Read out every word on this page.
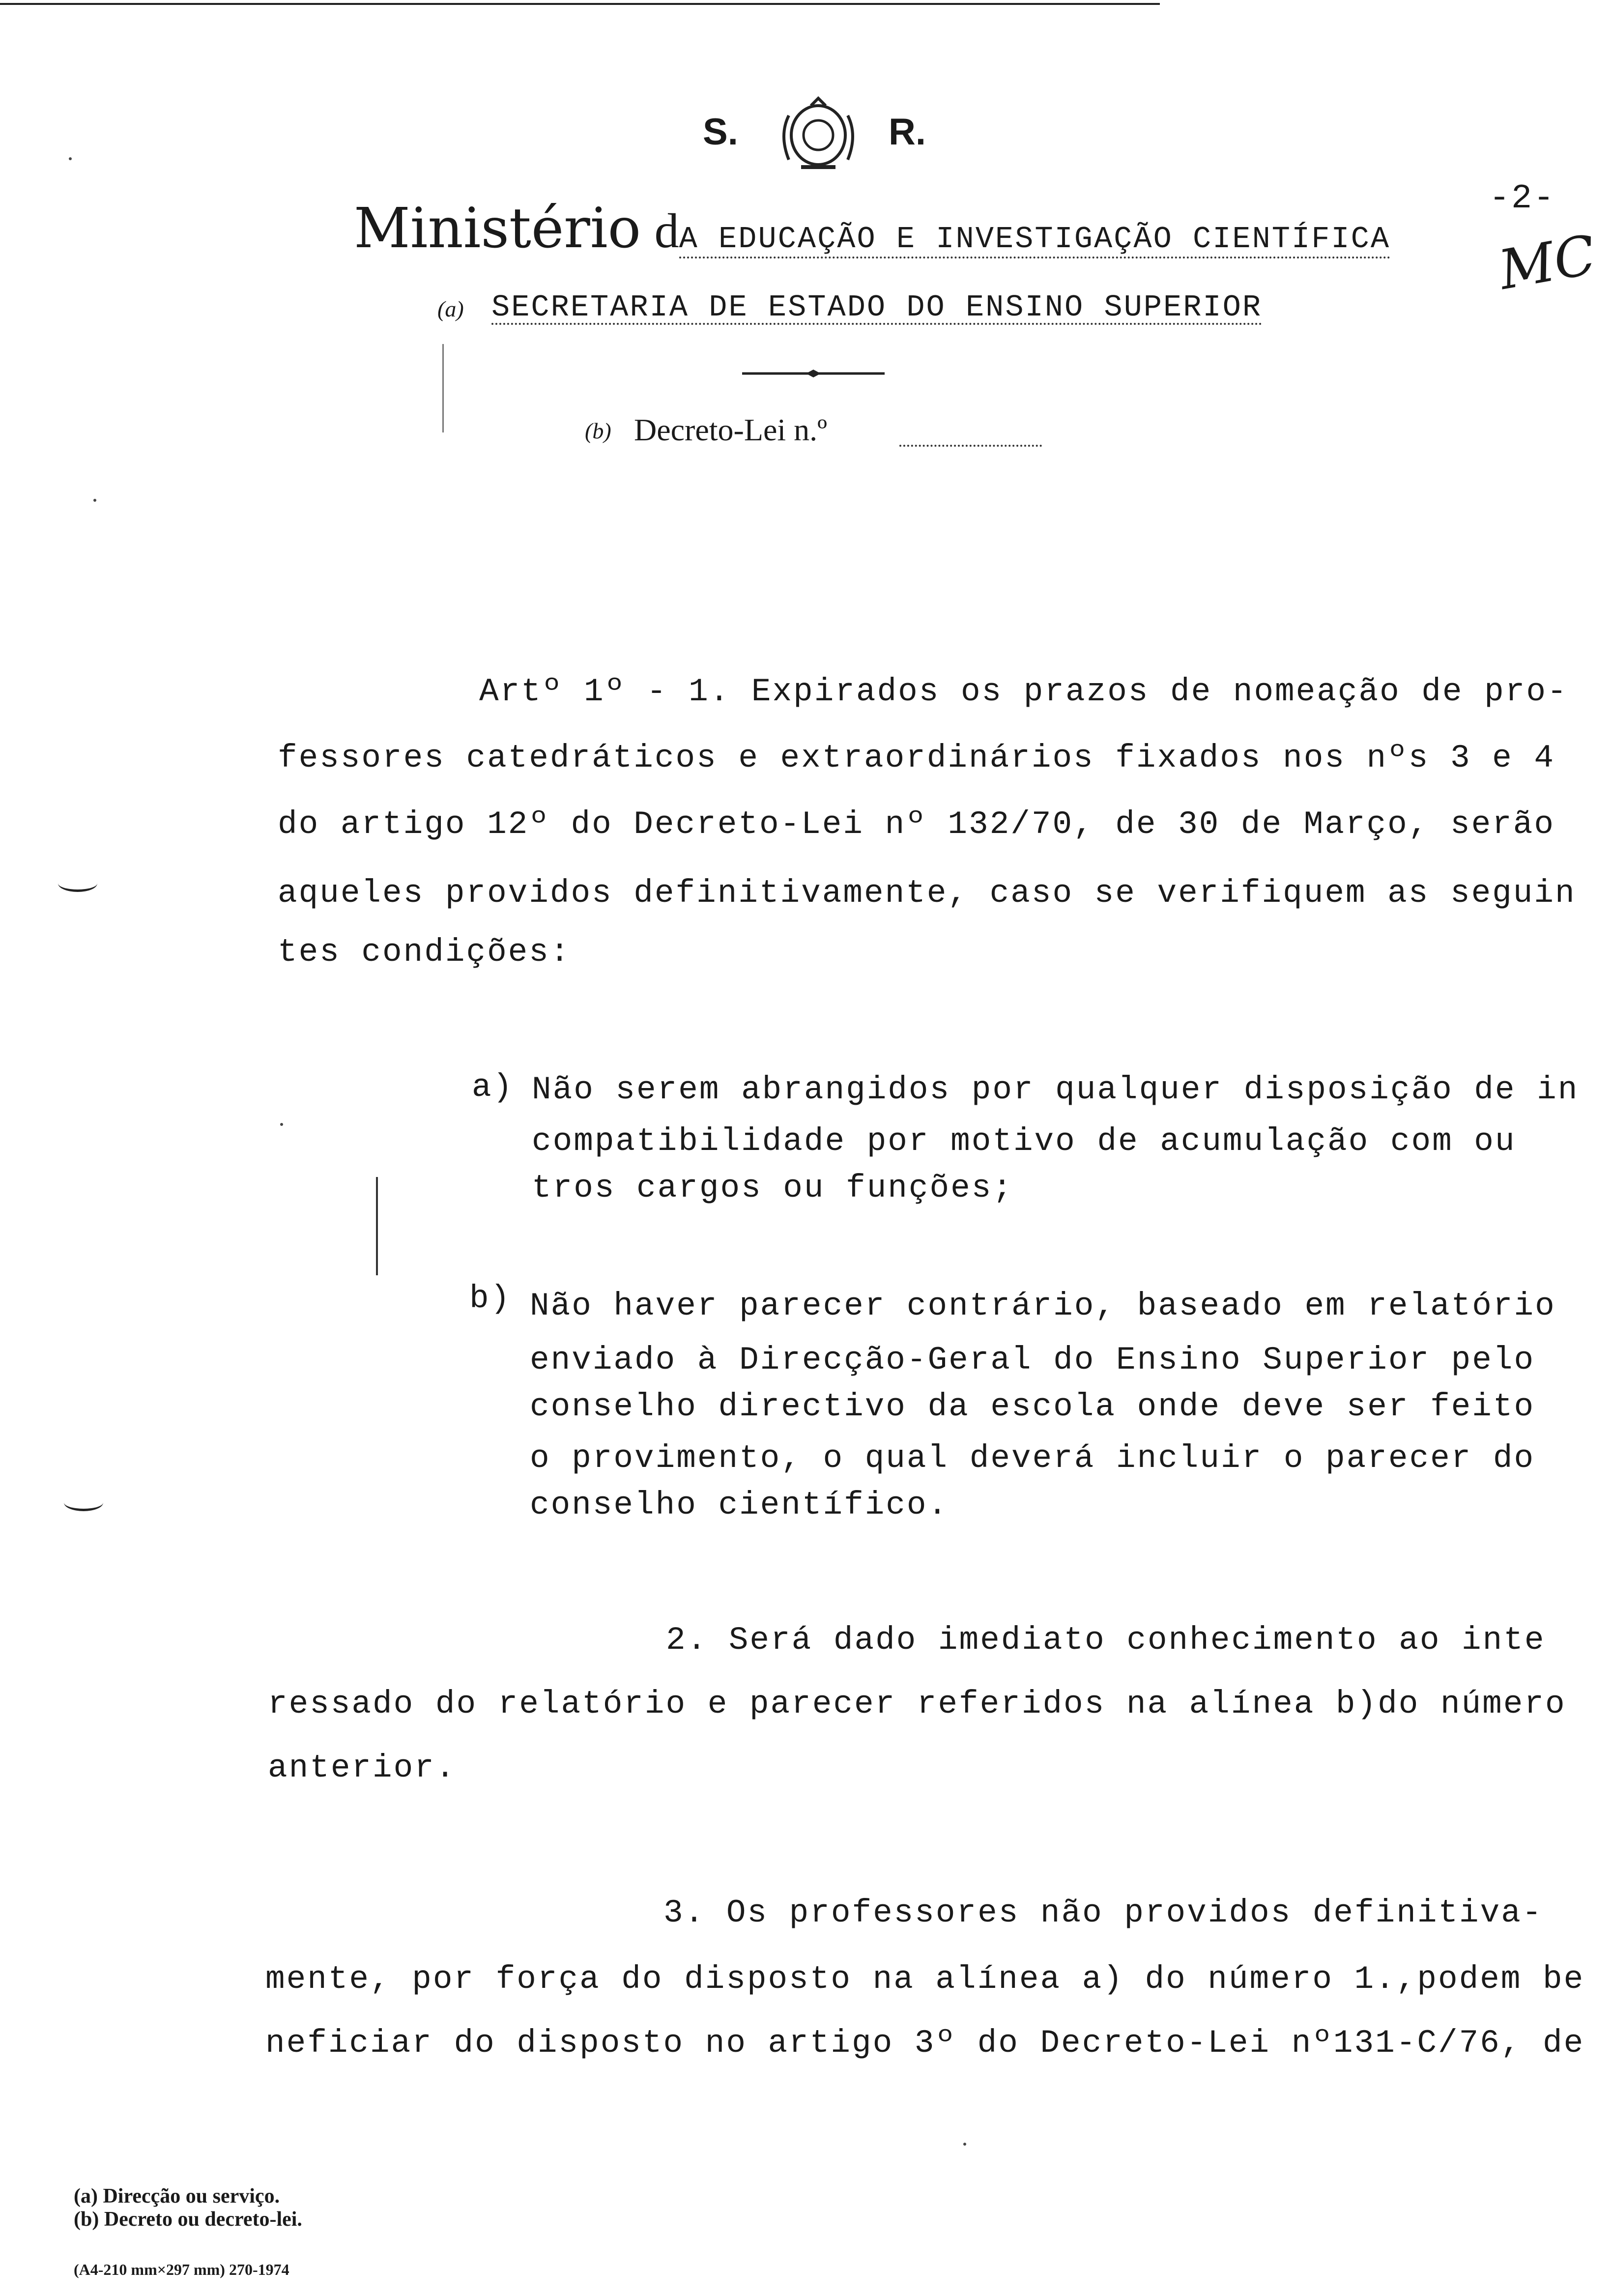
S.	R.
Ministério dA EDUCAÇÃO E INVESTIGAÇÃO CIENTÍFICA
-2-
MC
(a) SECRETARIA DE ESTADO DO ENSINO SUPERIOR
(b) Decreto-Lei n.º
Artº 1º - 1. Expirados os prazos de nomeação de pro-
fessores catedráticos e extraordinários fixados nos nºs 3 e 4
do artigo 12º do Decreto-Lei nº 132/70, de 30 de Março, serão
aqueles providos definitivamente, caso se verifiquem as seguin
tes condições:
a) Não serem abrangidos por qualquer disposição de in
compatibilidade por motivo de acumulação com ou
tros cargos ou funções;
b) Não haver parecer contrário, baseado em relatório
enviado à Direcção-Geral do Ensino Superior pelo
conselho directivo da escola onde deve ser feito
o provimento, o qual deverá incluir o parecer do
conselho científico.
2. Será dado imediato conhecimento ao inte
ressado do relatório e parecer referidos na alínea b)do número
anterior.
3. Os professores não providos definitiva-
mente, por força do disposto na alínea a) do número 1.,podem be
neficiar do disposto no artigo 3º do Decreto-Lei nº131-C/76, de
(a) Direcção ou serviço.
(b) Decreto ou decreto-lei.
(A4-210 mm×297 mm) 270-1974
